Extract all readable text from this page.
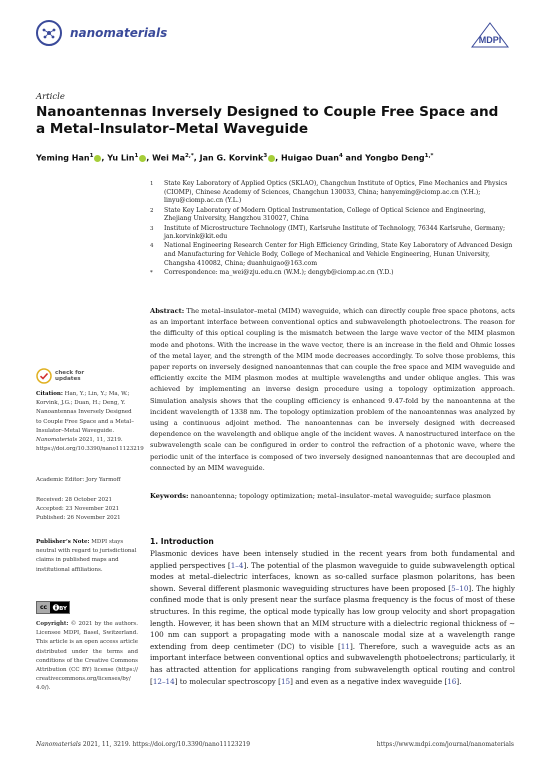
nanomaterials	MDPI
Article
Nanoantennas Inversely Designed to Couple Free Space and a Metal–Insulator–Metal Waveguide
Yeming Han$^1$ , Yu Lin$^1$ , Wei $Ma^{2,*}$, Jan G. Korvink$^3$ , Huigao Duan$^4$ and Yongbo Deng$^{1,*}$
1	State Key Laboratory of Applied Optics (SKLAO), Changchun Institute of Optics, Fine Mechanics and Physics (CIOMP), Chinese Academy of Sciences, Changchun 130033, China; hanyeming@ciomp.ac.cn (Y.H.); linyu@ciomp.ac.cn (Y.L.)
2	State Key Laboratory of Modern Optical Instrumentation, College of Optical Science and Engineering, Zhejiang University, Hangzhou 310027, China
3	Institute of Microstructure Technology (IMT), Karlsruhe Institute of Technology, 76344 Karlsruhe, Germany; jan.korvink@kit.edu
4	National Engineering Research Center for High Efficiency Grinding, State Key Laboratory of Advanced Design and Manufacturing for Vehicle Body, College of Mechanical and Vehicle Engineering, Hunan University, Changsha 410082, China; duanhuigao@163.com
*	Correspondence: ma_wei@zju.edu.cn (W.M.); dengyb@ciomp.ac.cn (Y.D.)
Abstract: The metal–insulator–metal (MIM) waveguide, which can directly couple free space photons, acts as an important interface between conventional optics and subwavelength photoelectrons. The reason for the difficulty of this optical coupling is the mismatch between the large wave vector of the MIM plasmon mode and photons. With the increase in the wave vector, there is an increase in the field and Ohmic losses of the metal layer, and the strength of the MIM mode decreases accordingly. To solve those problems, this paper reports on inversely designed nanoantennas that can couple the free space and MIM waveguide and efficiently excite the MIM plasmon modes at multiple wavelengths and under oblique angles. This was achieved by implementing an inverse design procedure using a topology optimization approach. Simulation analysis shows that the coupling efficiency is enhanced 9.47-fold by the nanoantenna at the incident wavelength of 1338 nm. The topology optimization problem of the nanoantennas was analyzed by using a continuous adjoint method. The nanoantennas can be inversely designed with decreased dependence on the wavelength and oblique angle of the incident waves. A nanostructured interface on the subwavelength scale can be configured in order to control the refraction of a photonic wave, where the periodic unit of the interface is composed of two inversely designed nanoantennas that are decoupled and connected by an MIM waveguide.
Keywords: nanoantenna; topology optimization; metal–insulator–metal waveguide; surface plasmon
check for
updates
Citation: Han, Y.; Lin, Y.; Ma, W.; Korvink, J.G.; Duan, H.; Deng, Y. Nanoantennas Inversely Designed to Couple Free Space and a Metal–Insulator–Metal Waveguide. Nanomaterials 2021, 11, 3219. https://doi.org/10.3390/nano11123219
Academic Editor: Jory Yarmoff
Received: 28 October 2021
Accepted: 23 November 2021
Published: 26 November 2021
Publisher’s Note: MDPI stays neutral with regard to jurisdictional claims in published maps and institutional affiliations.
cc	BY
Copyright: © 2021 by the authors. Licensee MDPI, Basel, Switzerland. This article is an open access article distributed under the terms and conditions of the Creative Commons Attribution (CC BY) license (https:// creativecommons.org/licenses/by/ 4.0/).
1. Introduction
Plasmonic devices have been intensely studied in the recent years from both fundamental and applied perspectives [1–4]. The potential of the plasmon waveguide to guide subwavelength optical modes at metal–dielectric interfaces, known as so-called surface plasmon polaritons, has been shown. Several different plasmonic waveguiding structures have been proposed [5–10]. The highly confined mode that is only present near the surface plasma frequency is the focus of most of these structures. In this regime, the optical mode typically has low group velocity and short propagation length. However, it has been shown that an MIM structure with a dielectric regional thickness of ∼ 100 nm can support a propagating mode with a nanoscale modal size at a wavelength range extending from deep centimeter (DC) to visible [11]. Therefore, such a waveguide acts as an important interface between conventional optics and subwavelength photoelectrons; particularly, it has attracted attention for applications ranging from subwavelength optical routing and control [12–14] to molecular spectroscopy [15] and even as a negative index waveguide [16].
Nanomaterials 2021, 11, 3219. https://doi.org/10.3390/nano11123219	https://www.mdpi.com/journal/nanomaterials
